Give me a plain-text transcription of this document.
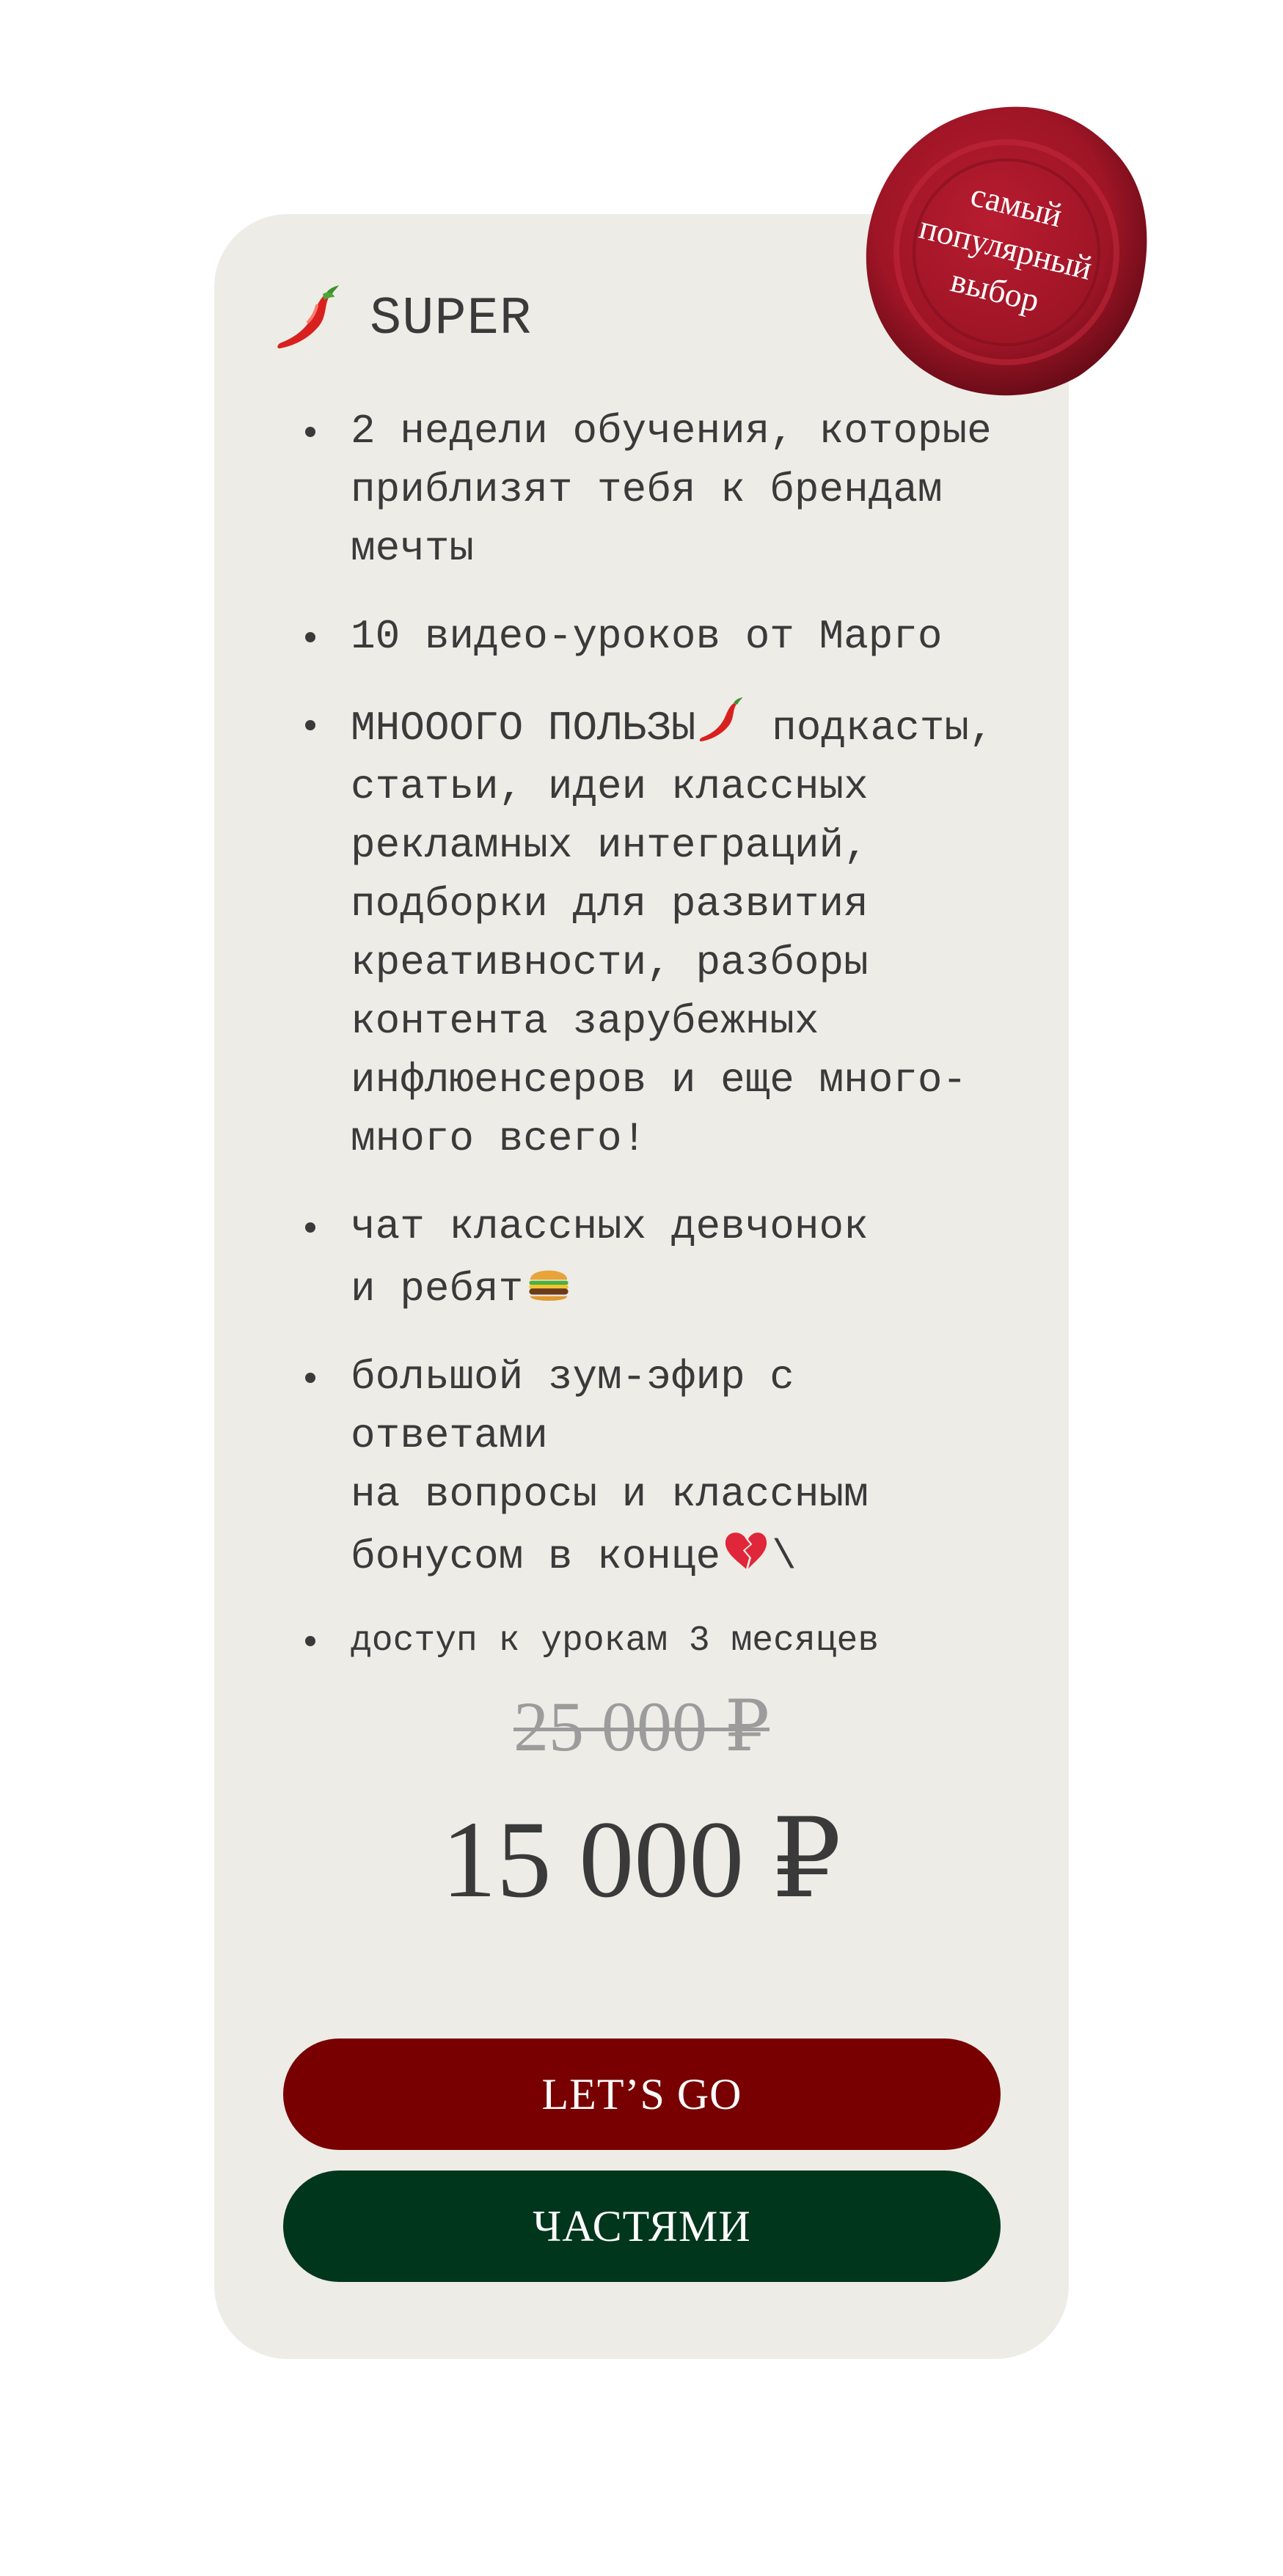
самый
популярный
выбор
SUPER
2 недели обучения, которые
приблизят тебя к брендам
мечты
10 видео-уроков от Марго
МНОООГО ПОЛЬЗЫ подкасты,
статьи, идеи классных
рекламных интеграций,
подборки для развития
креативности, разборы
контента зарубежных
инфлюенсеров и еще много-
много всего!
чат классных девчонок
и ребят
большой зум-эфир с ответами
на вопросы и классным
бонусом в конце \
доступ к урокам 3 месяцев
25 000 ₽
15 000 ₽
LET’S GO
ЧАСТЯМИ
